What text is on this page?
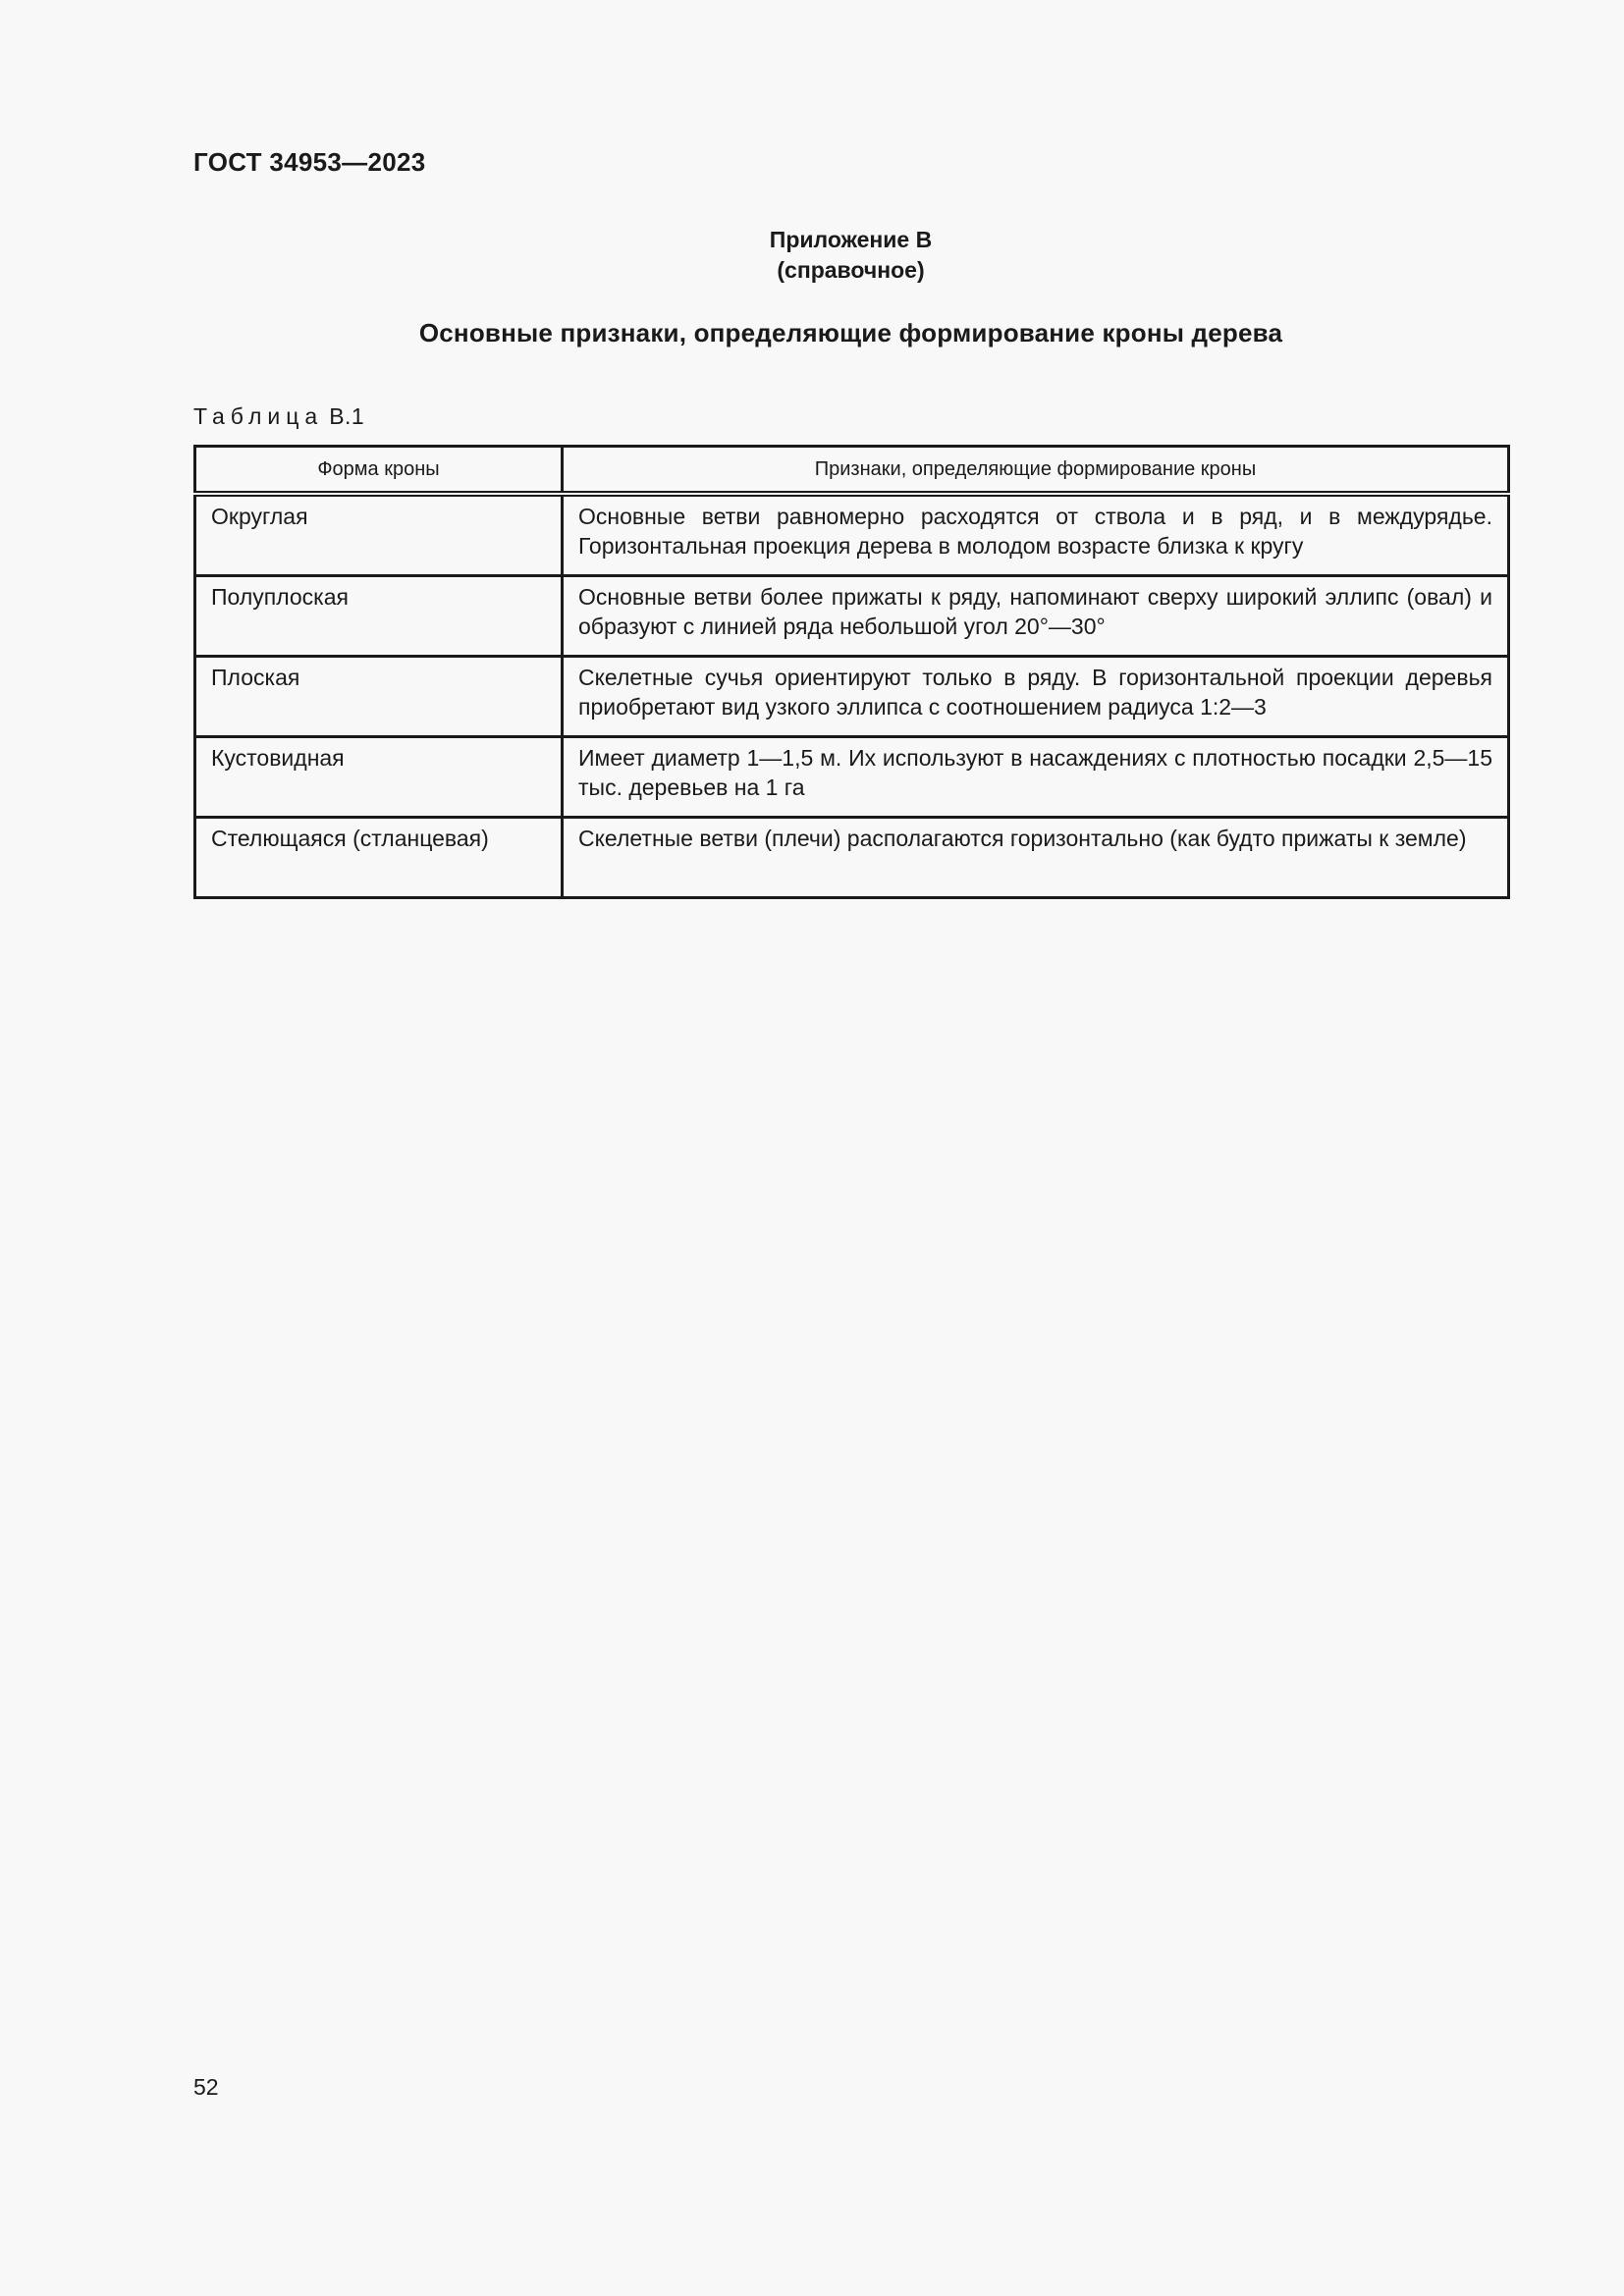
ГОСТ 34953—2023
Приложение В
(справочное)
Основные признаки, определяющие формирование кроны дерева
Таблица В.1
Форма кроны	Признаки, определяющие формирование кроны
Округлая	Основные ветви равномерно расходятся от ствола и в ряд, и в междурядье. Горизонтальная проекция дерева в молодом возрасте близка к кругу
Полуплоская	Основные ветви более прижаты к ряду, напоминают сверху широкий эллипс (овал) и образуют с линией ряда небольшой угол 20°—30°
Плоская	Скелетные сучья ориентируют только в ряду. В горизонтальной проекции деревья приобретают вид узкого эллипса с соотношением радиуса 1:2—3
Кустовидная	Имеет диаметр 1—1,5 м. Их используют в насаждениях с плотностью посадки 2,5—15 тыс. деревьев на 1 га
Стелющаяся (стланцевая)	Скелетные ветви (плечи) располагаются горизонтально (как будто прижаты к земле)
52
